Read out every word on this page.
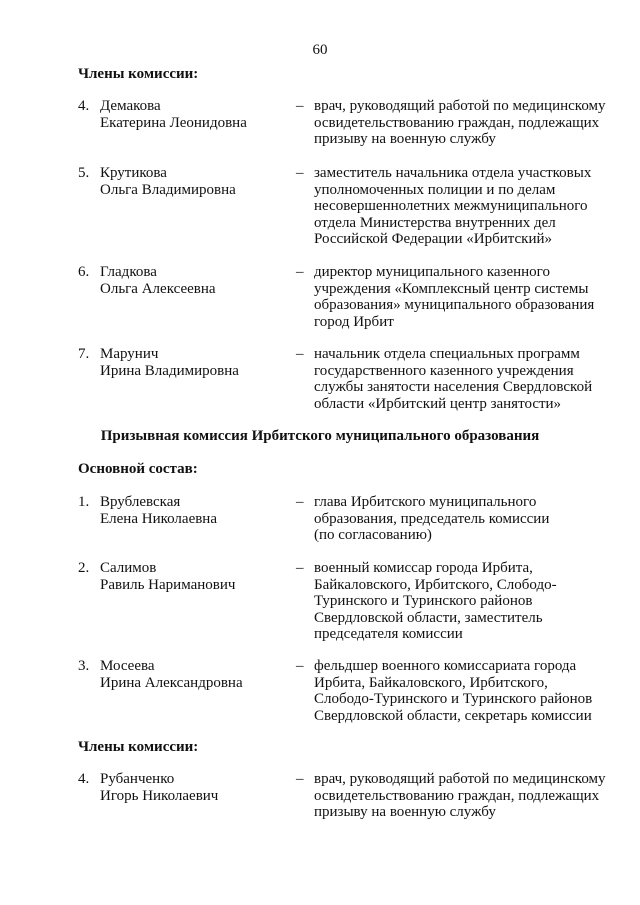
60
Члены комиссии:
4. Демакова
Екатерина Леонидовна
– врач, руководящий работой по медицинскому
освидетельствованию граждан, подлежащих
призыву на военную службу
5. Крутикова
Ольга Владимировна
– заместитель начальника отдела участковых
уполномоченных полиции и по делам
несовершеннолетних межмуниципального
отдела Министерства внутренних дел
Российской Федерации «Ирбитский»
6. Гладкова
Ольга Алексеевна
– директор муниципального казенного
учреждения «Комплексный центр системы
образования» муниципального образования
город Ирбит
7. Марунич
Ирина Владимировна
– начальник отдела специальных программ
государственного казенного учреждения
службы занятости населения Свердловской
области «Ирбитский центр занятости»
Призывная комиссия Ирбитского муниципального образования
Основной состав:
1. Врублевская
Елена Николаевна
– глава Ирбитского муниципального
образования, председатель комиссии
(по согласованию)
2. Салимов
Равиль Нариманович
– военный комиссар города Ирбита,
Байкаловского, Ирбитского, Слободо-
Туринского и Туринского районов
Свердловской области, заместитель
председателя комиссии
3. Мосеева
Ирина Александровна
– фельдшер военного комиссариата города
Ирбита, Байкаловского, Ирбитского,
Слободо-Туринского и Туринского районов
Свердловской области, секретарь комиссии
Члены комиссии:
4. Рубанченко
Игорь Николаевич
– врач, руководящий работой по медицинскому
освидетельствованию граждан, подлежащих
призыву на военную службу
